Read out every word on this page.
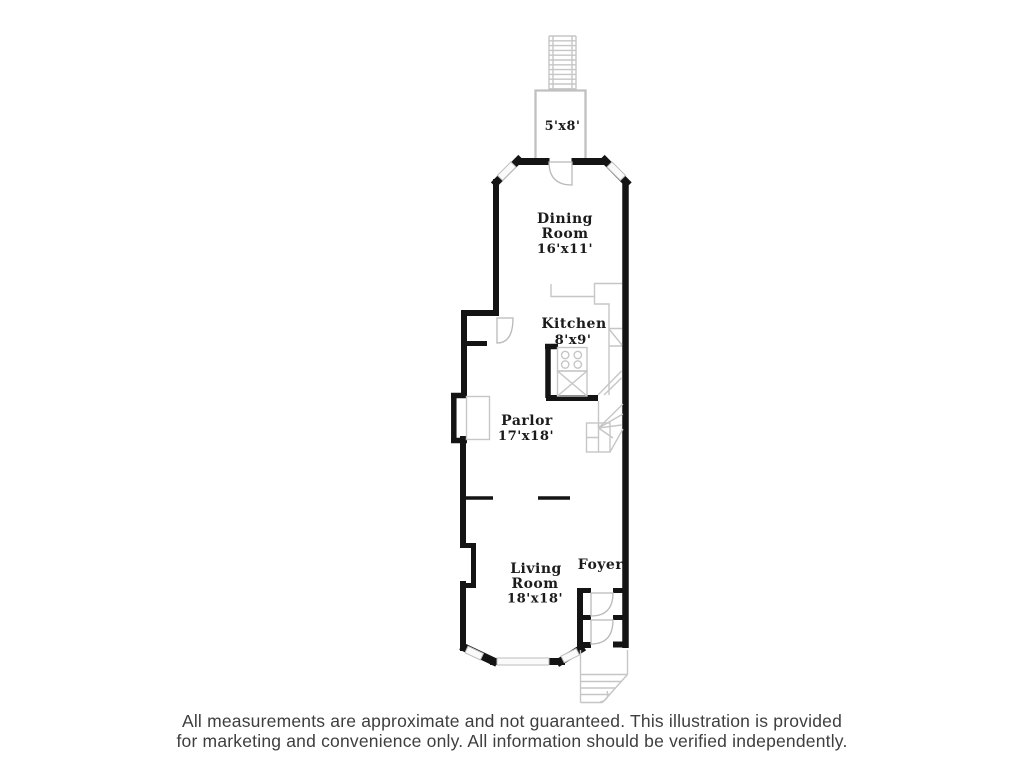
5'x8'
Dining
Room
16'x11'
Kitchen
8'x9'
Parlor
17'x18'
Living
Room
18'x18'
Foyer
All measurements are approximate and not guaranteed. This illustration is provided
for marketing and convenience only. All information should be verified independently.
